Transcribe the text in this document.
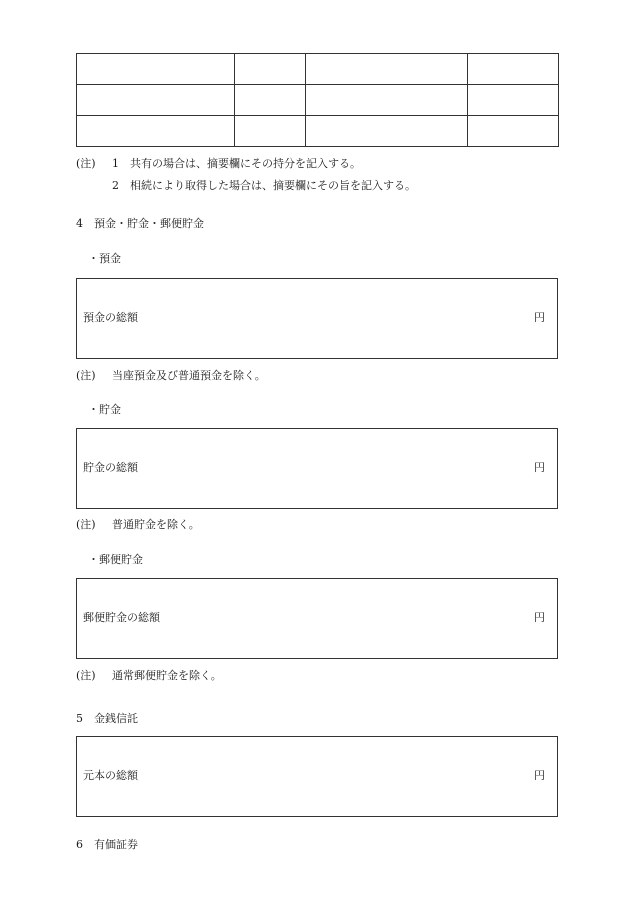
(注) 1 共有の場合は、摘要欄にその持分を記入する。
2 相続により取得した場合は、摘要欄にその旨を記入する。
4　預金・貯金・郵便貯金
・預金
預金の総額	円
(注) 当座預金及び普通預金を除く。
・貯金
貯金の総額	円
(注) 普通貯金を除く。
・郵便貯金
郵便貯金の総額	円
(注) 通常郵便貯金を除く。
5　金銭信託
元本の総額	円
6　有価証券
